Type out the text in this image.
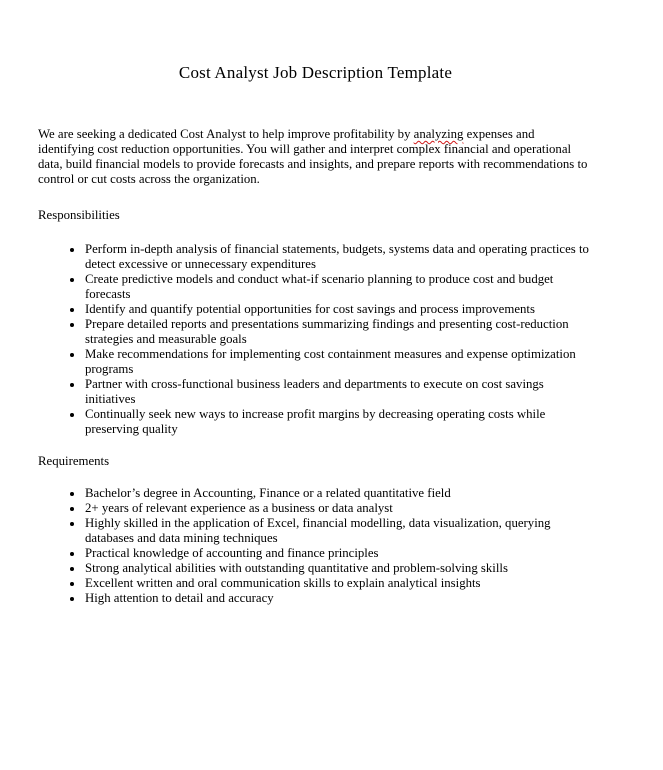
Cost Analyst Job Description Template

We are seeking a dedicated Cost Analyst to help improve profitability by analyzing expenses and identifying cost reduction opportunities. You will gather and interpret complex financial and operational data, build financial models to provide forecasts and insights, and prepare reports with recommendations to control or cut costs across the organization.

Responsibilities
• Perform in-depth analysis of financial statements, budgets, systems data and operating practices to detect excessive or unnecessary expenditures
• Create predictive models and conduct what-if scenario planning to produce cost and budget forecasts
• Identify and quantify potential opportunities for cost savings and process improvements
• Prepare detailed reports and presentations summarizing findings and presenting cost-reduction strategies and measurable goals
• Make recommendations for implementing cost containment measures and expense optimization programs
• Partner with cross-functional business leaders and departments to execute on cost savings initiatives
• Continually seek new ways to increase profit margins by decreasing operating costs while preserving quality
Requirements
• Bachelor’s degree in Accounting, Finance or a related quantitative field
• 2+ years of relevant experience as a business or data analyst
• Highly skilled in the application of Excel, financial modelling, data visualization, querying databases and data mining techniques
• Practical knowledge of accounting and finance principles
• Strong analytical abilities with outstanding quantitative and problem-solving skills
• Excellent written and oral communication skills to explain analytical insights
• High attention to detail and accuracy
